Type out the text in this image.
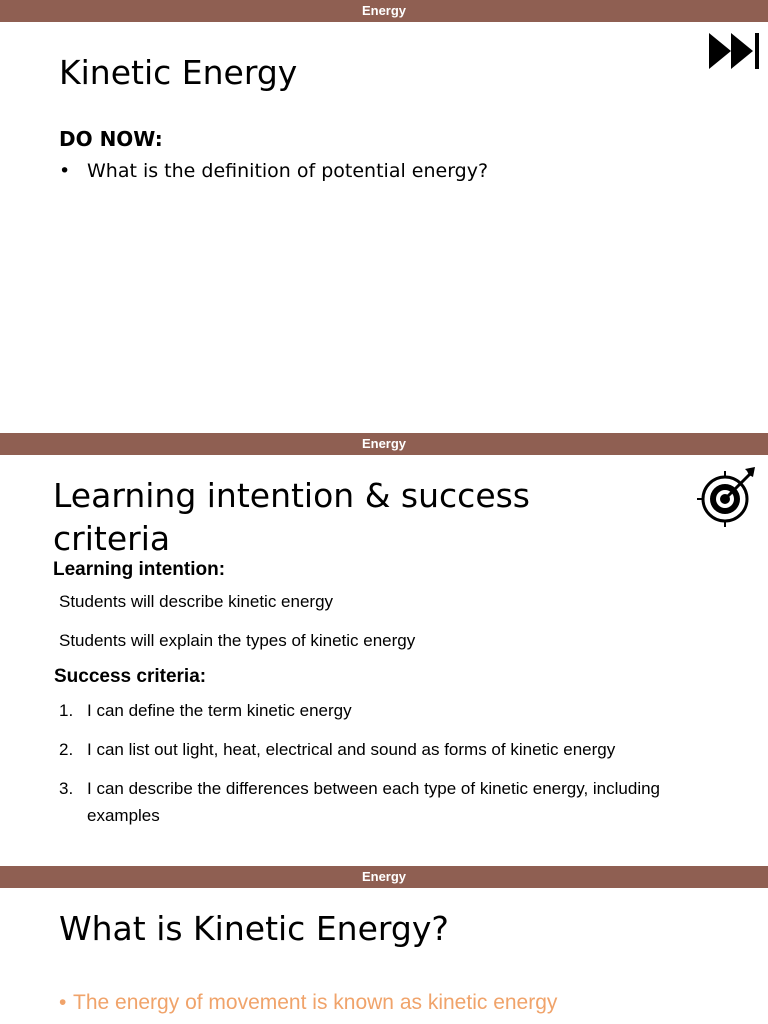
Energy
Kinetic Energy
DO NOW:
• What is the definition of potential energy?
Energy
Learning intention & success
criteria
Learning intention:
Students will describe kinetic energy
Students will explain the types of kinetic energy
Success criteria:
1. I can define the term kinetic energy
2. I can list out light, heat, electrical and sound as forms of kinetic energy
3. I can describe the differences between each type of kinetic energy, including
examples
Energy
What is Kinetic Energy?
• The energy of movement is known as kinetic energy
